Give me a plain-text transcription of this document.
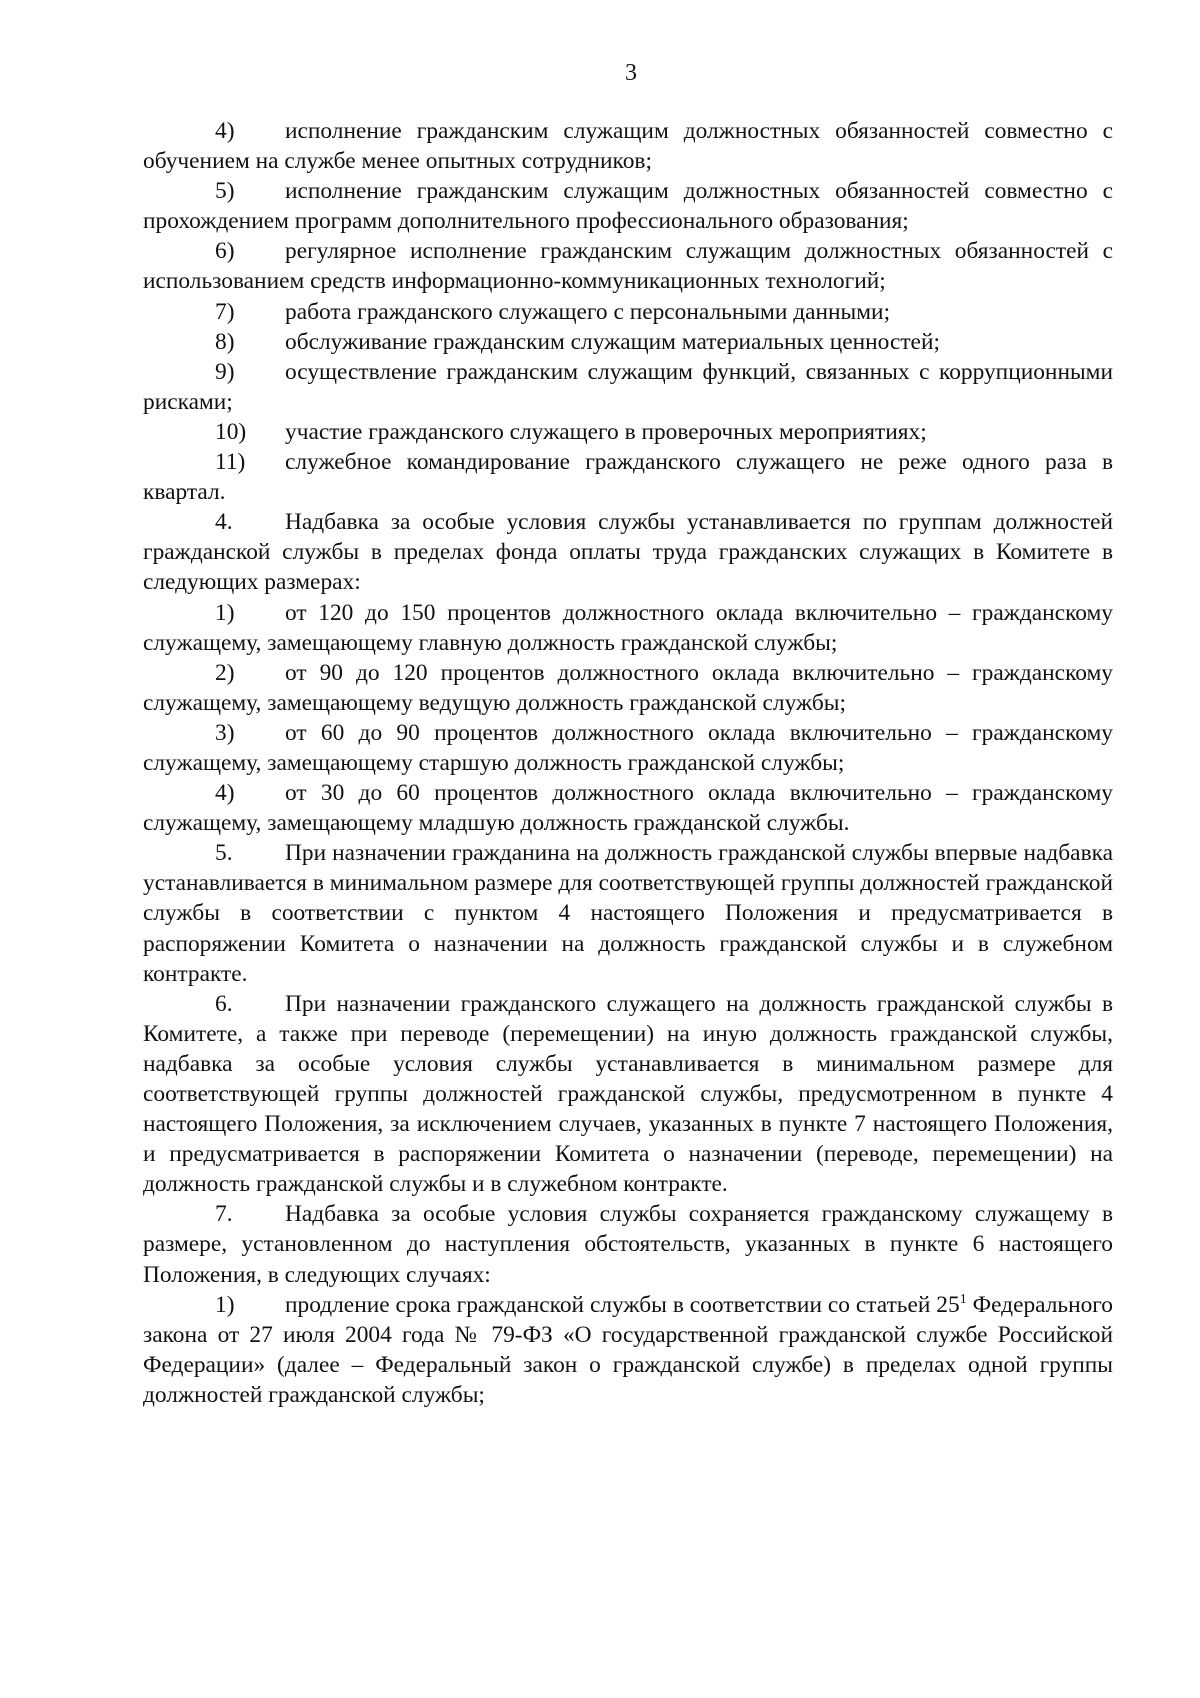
3

4) исполнение гражданским служащим должностных обязанностей совместно с обучением на службе менее опытных сотрудников;

5) исполнение гражданским служащим должностных обязанностей совместно с прохождением программ дополнительного профессионального образования;

6) регулярное исполнение гражданским служащим должностных обязанностей с использованием средств информационно-коммуникационных технологий;

7) работа гражданского служащего с персональными данными;

8) обслуживание гражданским служащим материальных ценностей;

9) осуществление гражданским служащим функций, связанных с коррупционными рисками;

10) участие гражданского служащего в проверочных мероприятиях;

11) служебное командирование гражданского служащего не реже одного раза в квартал.

4. Надбавка за особые условия службы устанавливается по группам должностей гражданской службы в пределах фонда оплаты труда гражданских служащих в Комитете в следующих размерах:

1) от 120 до 150 процентов должностного оклада включительно – гражданскому служащему, замещающему главную должность гражданской службы;

2) от 90 до 120 процентов должностного оклада включительно – гражданскому служащему, замещающему ведущую должность гражданской службы;

3) от 60 до 90 процентов должностного оклада включительно – гражданскому служащему, замещающему старшую должность гражданской службы;

4) от 30 до 60 процентов должностного оклада включительно – гражданскому служащему, замещающему младшую должность гражданской службы.

5. При назначении гражданина на должность гражданской службы впервые надбавка устанавливается в минимальном размере для соответствующей группы должностей гражданской службы в соответствии с пунктом 4 настоящего Положения и предусматривается в распоряжении Комитета о назначении на должность гражданской службы и в служебном контракте.

6. При назначении гражданского служащего на должность гражданской службы в Комитете, а также при переводе (перемещении) на иную должность гражданской службы, надбавка за особые условия службы устанавливается в минимальном размере для соответствующей группы должностей гражданской службы, предусмотренном в пункте 4 настоящего Положения, за исключением случаев, указанных в пункте 7 настоящего Положения, и предусматривается в распоряжении Комитета о назначении (переводе, перемещении) на должность гражданской службы и в служебном контракте.

7. Надбавка за особые условия службы сохраняется гражданскому служащему в размере, установленном до наступления обстоятельств, указанных в пункте 6 настоящего Положения, в следующих случаях:

1) продление срока гражданской службы в соответствии со статьей $25^1$ Федерального закона от 27 июля 2004 года № 79-ФЗ «О государственной гражданской службе Российской Федерации» (далее – Федеральный закон о гражданской службе) в пределах одной группы должностей гражданской службы;
